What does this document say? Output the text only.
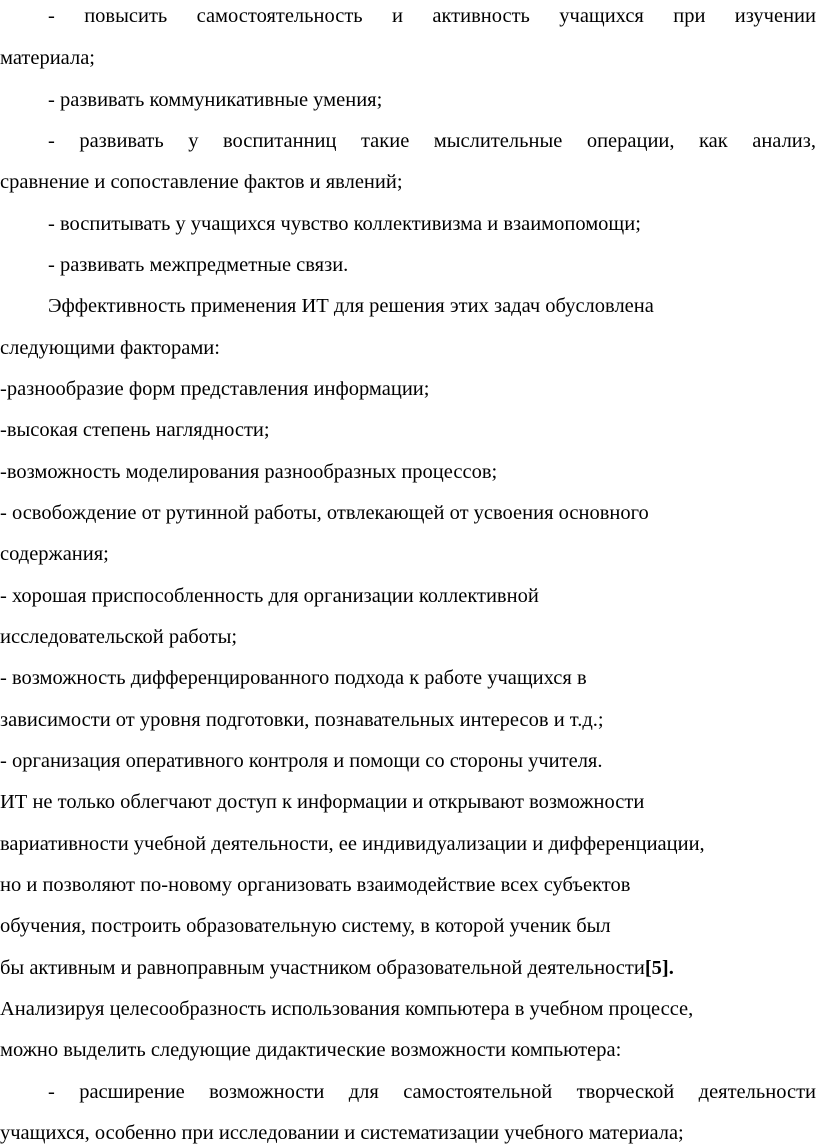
- повысить самостоятельность и активность учащихся при изучении

материала;

- развивать коммуникативные умения;

- развивать у воспитанниц такие мыслительные операции, как анализ,

сравнение и сопоставление фактов и явлений;

- воспитывать у учащихся чувство коллективизма и взаимопомощи;

- развивать межпредметные связи.

Эффективность применения ИТ для решения этих задач обусловлена

следующими факторами:

-разнообразие форм представления информации;

-высокая степень наглядности;

-возможность моделирования разнообразных процессов;

- освобождение от рутинной работы, отвлекающей от усвоения основного

содержания;

- хорошая приспособленность для организации коллективной

исследовательской работы;

- возможность дифференцированного подхода к работе учащихся в

зависимости от уровня подготовки, познавательных интересов и т.д.;

- организация оперативного контроля и помощи со стороны учителя.

ИТ не только облегчают доступ к информации и открывают возможности

вариативности учебной деятельности, ее индивидуализации и дифференциации,

но и позволяют по-новому организовать взаимодействие всех субъектов

обучения, построить образовательную систему, в которой ученик был

бы активным и равноправным участником образовательной деятельности[5].

Анализируя целесообразность использования компьютера в учебном процессе,

можно выделить следующие дидактические возможности компьютера:

- расширение возможности для самостоятельной творческой деятельности

учащихся, особенно при исследовании и систематизации учебного материала;
